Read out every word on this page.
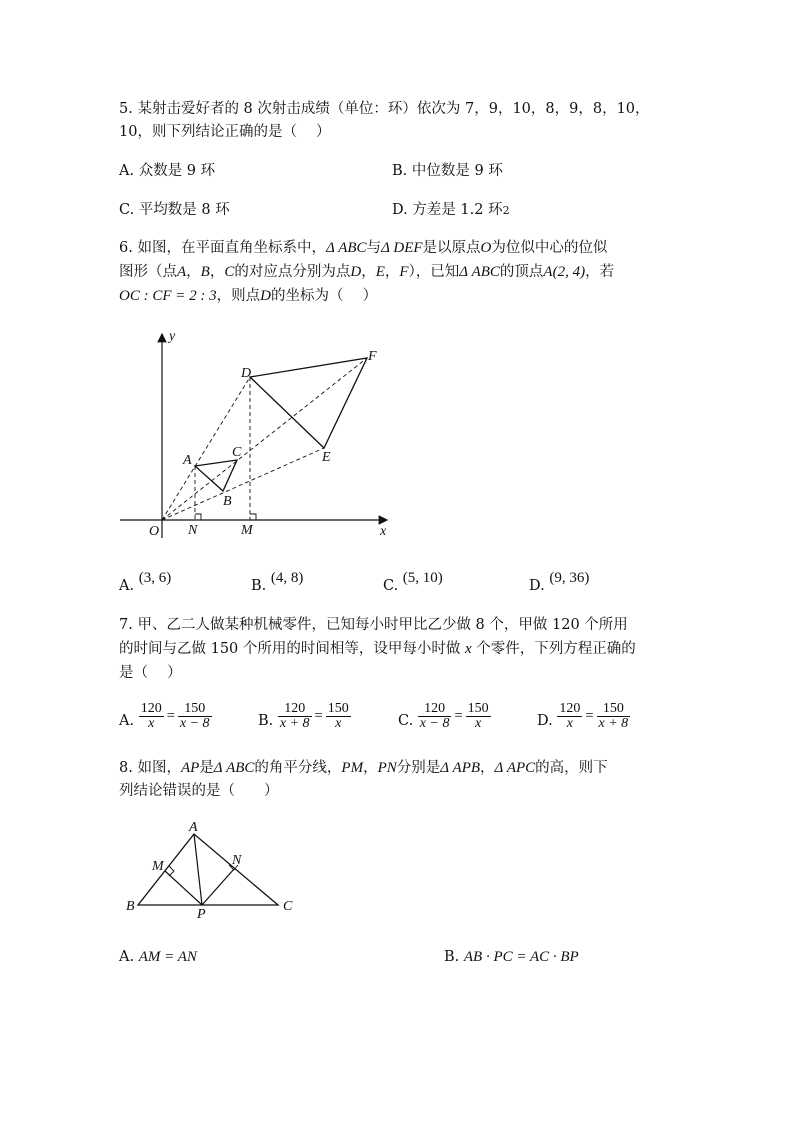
5. 某射击爱好者的 8 次射击成绩（单位：环）依次为 7，9，10，8，9，8，10，
10，则下列结论正确的是（　 ）
A. 众数是 9 环	B. 中位数是 9 环
C. 平均数是 8 环	D. 方差是 1.2 环2
6. 如图，在平面直角坐标系中，Δ ABC与Δ DEF是以原点O为位似中心的位似
图形（点A，B，C的对应点分别为点D，E，F），已知Δ ABC的顶点A(2, 4)，若
OC : CF = 2 : 3，则点D的坐标为（　 ）
y
x
O N	M
A
B
C
D
E
F
A. (3, 6)	B. (4, 8)	C. (5, 10)	D. (9, 36)
7. 甲、乙二人做某种机械零件，已知每小时甲比乙少做 8 个，甲做 120 个所用
的时间与乙做 150 个所用的时间相等，设甲每小时做 x 个零件，下列方程正确的
是（　 ）
A. $\frac{120}{x} = \frac{150}{x - 8}$	B. $\frac{120}{x + 8} = \frac{150}{x}$	C. $\frac{120}{x - 8} = \frac{150}{x}$	D. $\frac{120}{x} = \frac{150}{x + 8}$
8. 如图，AP是Δ ABC的角平分线，PM，PN分别是Δ APB，Δ APC的高，则下
列结论错误的是（　　）
A
M	N
B
P
C
A. AM = AN	B. AB · PC = AC · BP
